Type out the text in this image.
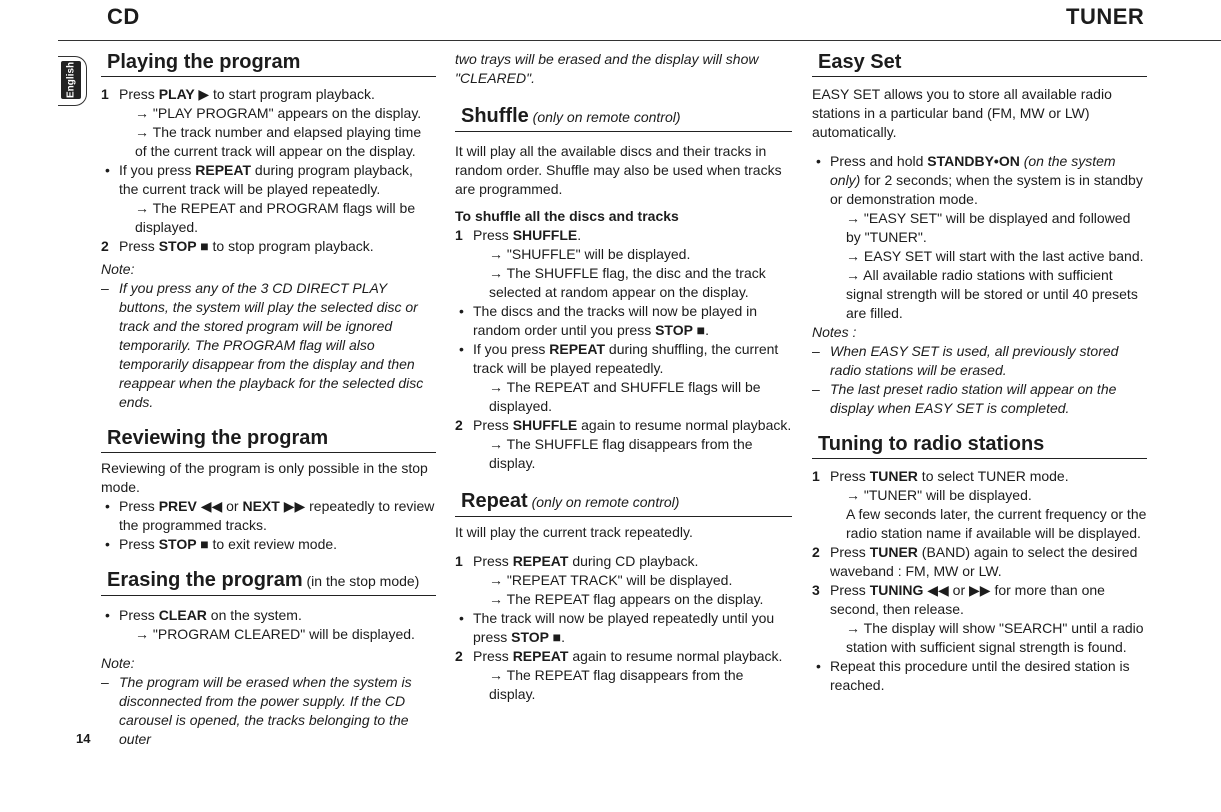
CD	TUNER
English	Playing the program
1 Press PLAY ▶ to start program playback.
→ "PLAY PROGRAM" appears on the display.
→ The track number and elapsed playing time of the current track will appear on the display.
• If you press REPEAT during program playback, the current track will be played repeatedly.
→ The REPEAT and PROGRAM flags will be displayed.
2 Press STOP ■ to stop program playback.

Note:

– If you press any of the 3 CD DIRECT PLAY buttons, the system will play the selected disc or track and the stored program will be ignored temporarily. The PROGRAM flag will also temporarily disappear from the display and then reappear when the playback for the selected disc ends.
Reviewing the program

Reviewing of the program is only possible in the stop mode.

• Press PREV ◀◀ or NEXT ▶▶ repeatedly to review the programmed tracks.
• Press STOP ■ to exit review mode.
Erasing the program (in the stop mode)
• Press CLEAR on the system.
→ "PROGRAM CLEARED" will be displayed.

Note:

– The program will be erased when the system is disconnected from the power supply. If the CD carousel is opened, the tracks belonging to the outer

two trays will be erased and the display will show "CLEARED".

Shuffle (only on remote control)

It will play all the available discs and their tracks in random order. Shuffle may also be used when tracks are programmed.

To shuffle all the discs and tracks
1 Press SHUFFLE.
→ "SHUFFLE" will be displayed.
→ The SHUFFLE flag, the disc and the track selected at random appear on the display.
• The discs and the tracks will now be played in random order until you press STOP ■.
• If you press REPEAT during shuffling, the current track will be played repeatedly.
→ The REPEAT and SHUFFLE flags will be displayed.
2 Press SHUFFLE again to resume normal playback.
→ The SHUFFLE flag disappears from the display.
Repeat (only on remote control)

It will play the current track repeatedly.

1 Press REPEAT during CD playback.
→ "REPEAT TRACK" will be displayed.
→ The REPEAT flag appears on the display.
• The track will now be played repeatedly until you press STOP ■.
2 Press REPEAT again to resume normal playback.
→ The REPEAT flag disappears from the display.
Easy Set

EASY SET allows you to store all available radio stations in a particular band (FM, MW or LW) automatically.

• Press and hold STANDBY•ON (on the system only) for 2 seconds; when the system is in standby or demonstration mode.
→ "EASY SET" will be displayed and followed by "TUNER".
→ EASY SET will start with the last active band.
→ All available radio stations with sufficient signal strength will be stored or until 40 presets are filled.

Notes :

– When EASY SET is used, all previously stored radio stations will be erased.
– The last preset radio station will appear on the display when EASY SET is completed.
Tuning to radio stations
1 Press TUNER to select TUNER mode.
→ "TUNER" will be displayed.
A few seconds later, the current frequency or the radio station name if available will be displayed.
2 Press TUNER (BAND) again to select the desired waveband : FM, MW or LW.
3 Press TUNING ◀◀ or ▶▶ for more than one second, then release.
→ The display will show "SEARCH" until a radio station with sufficient signal strength is found.
• Repeat this procedure until the desired station is reached.
14
